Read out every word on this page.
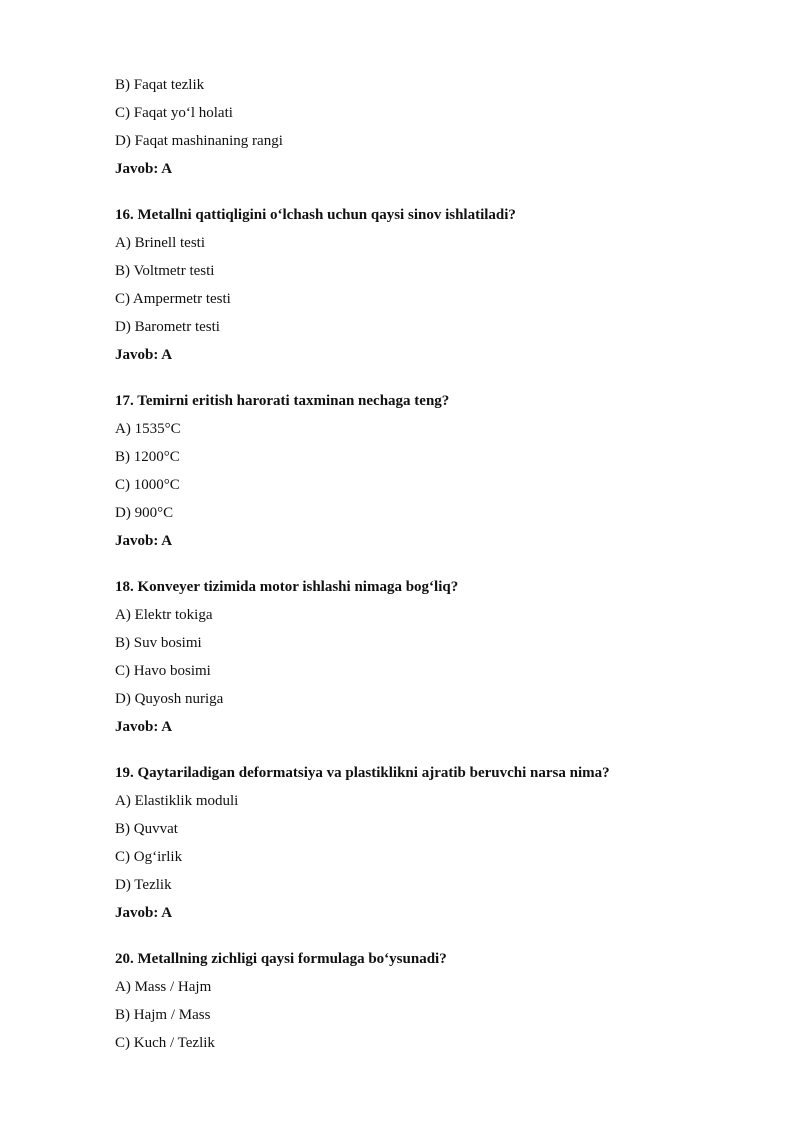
B) Faqat tezlik
C) Faqat yo‘l holati
D) Faqat mashinaning rangi
Javob: A
16. Metallni qattiqligini o‘lchash uchun qaysi sinov ishlatiladi?
A) Brinell testi
B) Voltmetr testi
C) Ampermetr testi
D) Barometr testi
Javob: A
17. Temirni eritish harorati taxminan nechaga teng?
A) 1535°C
B) 1200°C
C) 1000°C
D) 900°C
Javob: A
18. Konveyer tizimida motor ishlashi nimaga bog‘liq?
A) Elektr tokiga
B) Suv bosimi
C) Havo bosimi
D) Quyosh nuriga
Javob: A
19. Qaytariladigan deformatsiya va plastiklikni ajratib beruvchi narsa nima?
A) Elastiklik moduli
B) Quvvat
C) Og‘irlik
D) Tezlik
Javob: A
20. Metallning zichligi qaysi formulaga bo‘ysunadi?
A) Mass / Hajm
B) Hajm / Mass
C) Kuch / Tezlik
